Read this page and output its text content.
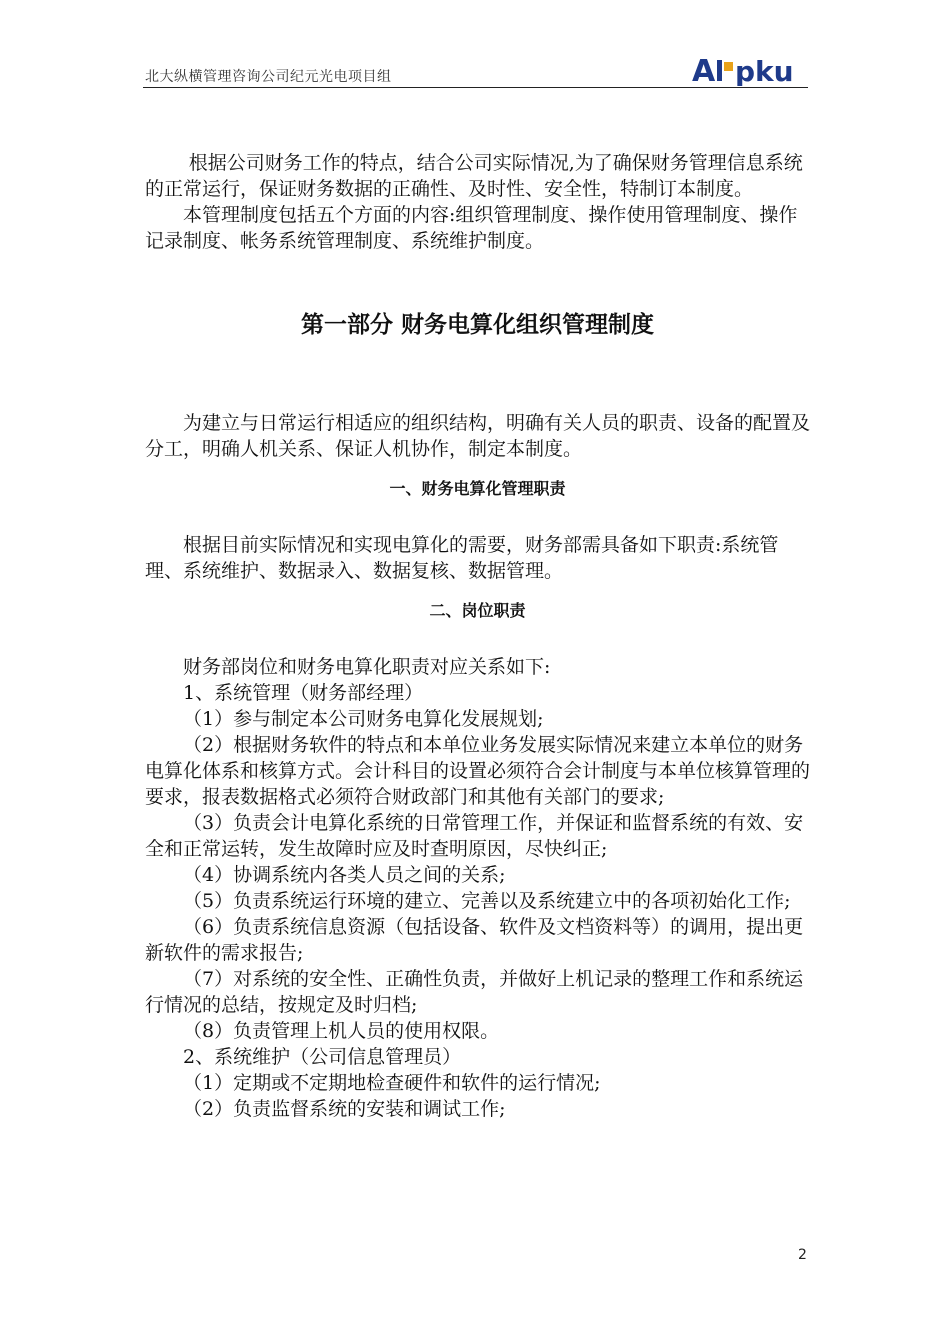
北大纵横管理咨询公司纪元光电项目组	A pku

根据公司财务工作的特点，结合公司实际情况,为了确保财务管理信息系统的正常运行，保证财务数据的正确性、及时性、安全性，特制订本制度。

本管理制度包括五个方面的内容:组织管理制度、操作使用管理制度、操作记录制度、帐务系统管理制度、系统维护制度。

第一部分 财务电算化组织管理制度

为建立与日常运行相适应的组织结构，明确有关人员的职责、设备的配置及分工，明确人机关系、保证人机协作，制定本制度。

一、财务电算化管理职责

根据目前实际情况和实现电算化的需要，财务部需具备如下职责:系统管理、系统维护、数据录入、数据复核、数据管理。

二、岗位职责

财务部岗位和财务电算化职责对应关系如下:

1、系统管理（财务部经理）

（1）参与制定本公司财务电算化发展规划;

（2）根据财务软件的特点和本单位业务发展实际情况来建立本单位的财务电算化体系和核算方式。会计科目的设置必须符合会计制度与本单位核算管理的要求，报表数据格式必须符合财政部门和其他有关部门的要求;

（3）负责会计电算化系统的日常管理工作，并保证和监督系统的有效、安全和正常运转，发生故障时应及时查明原因，尽快纠正;

（4）协调系统内各类人员之间的关系;

（5）负责系统运行环境的建立、完善以及系统建立中的各项初始化工作;

（6）负责系统信息资源（包括设备、软件及文档资料等）的调用，提出更新软件的需求报告;

（7）对系统的安全性、正确性负责，并做好上机记录的整理工作和系统运行情况的总结，按规定及时归档;

（8）负责管理上机人员的使用权限。

2、系统维护（公司信息管理员）

（1）定期或不定期地检查硬件和软件的运行情况;

（2）负责监督系统的安装和调试工作;

2
